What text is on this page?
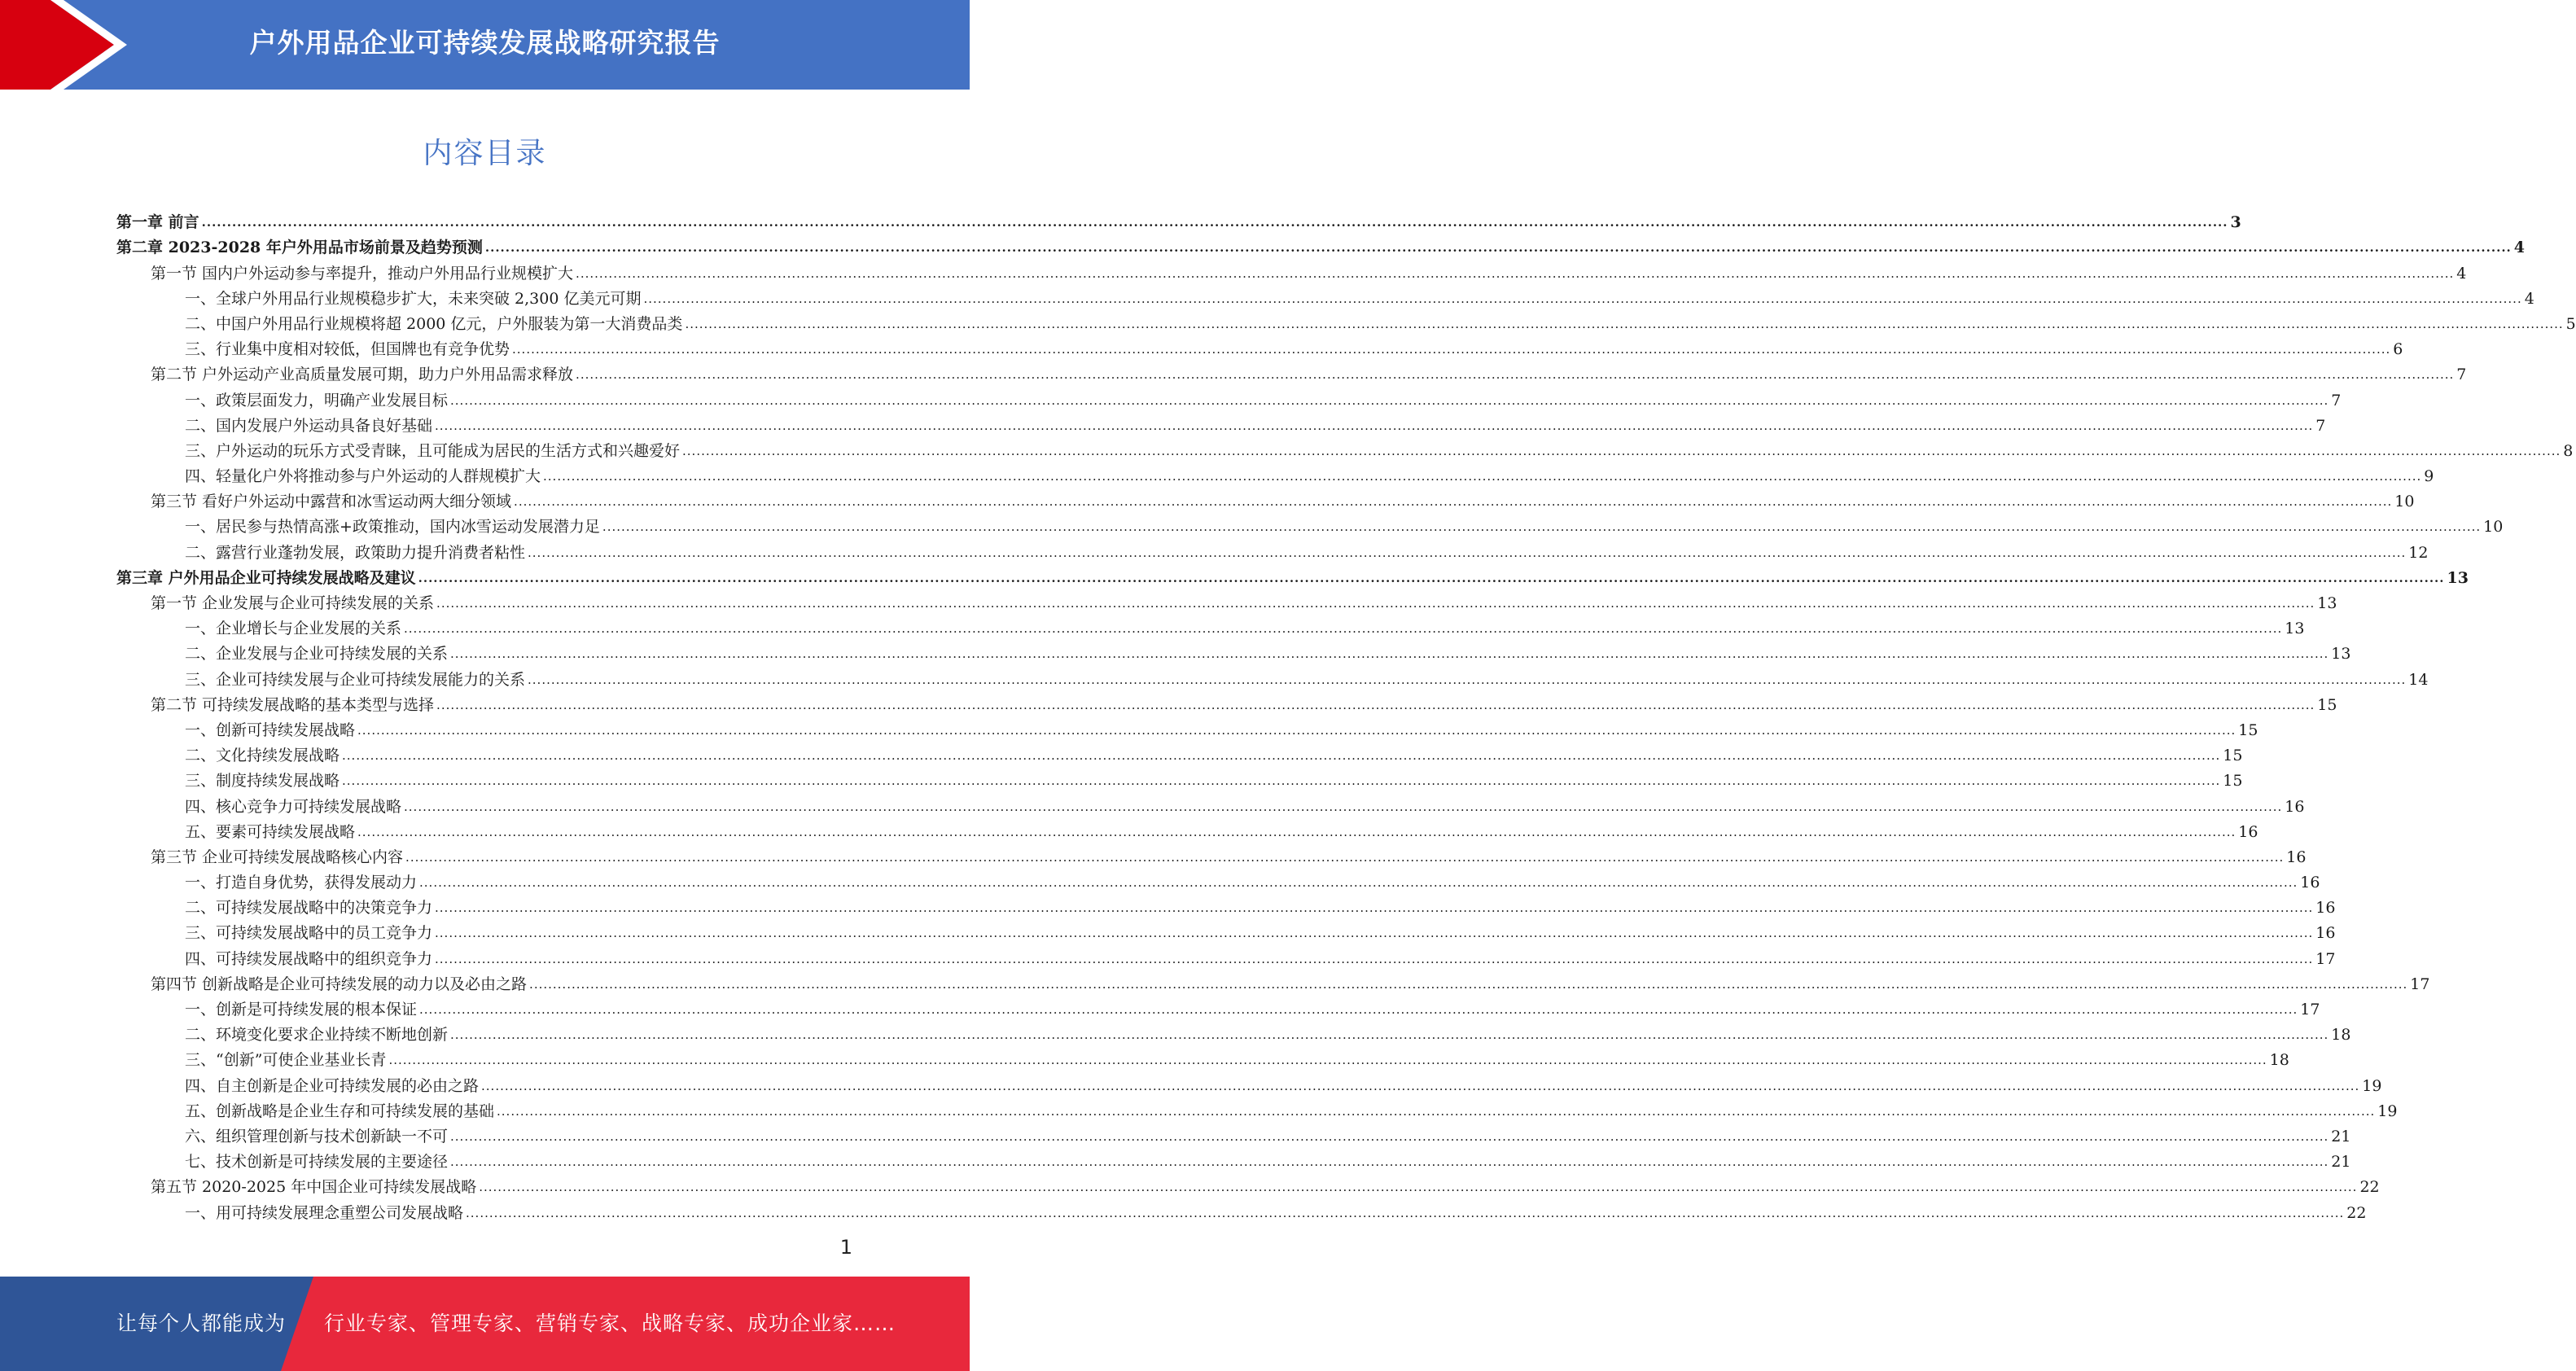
户外用品企业可持续发展战略研究报告
内容目录
第一章 前言 ................................................................................................................................................................................................................................................................................................................................................................................................................ 3
第二章 2023-2028 年户外用品市场前景及趋势预测 ................................................................................................................................................................................................................................................................................................................................................................................................................ 4
第一节 国内户外运动参与率提升，推动户外用品行业规模扩大 ................................................................................................................................................................................................................................................................................................................................................................................................................ 4
一、全球户外用品行业规模稳步扩大，未来突破 2,300 亿美元可期 ................................................................................................................................................................................................................................................................................................................................................................................................................ 4
二、中国户外用品行业规模将超 2000 亿元，户外服装为第一大消费品类 ................................................................................................................................................................................................................................................................................................................................................................................................................ 5
三、行业集中度相对较低，但国牌也有竞争优势 ................................................................................................................................................................................................................................................................................................................................................................................................................ 6
第二节 户外运动产业高质量发展可期，助力户外用品需求释放 ................................................................................................................................................................................................................................................................................................................................................................................................................ 7
一、政策层面发力，明确产业发展目标 ................................................................................................................................................................................................................................................................................................................................................................................................................ 7
二、国内发展户外运动具备良好基础 ................................................................................................................................................................................................................................................................................................................................................................................................................ 7
三、户外运动的玩乐方式受青睐，且可能成为居民的生活方式和兴趣爱好 ................................................................................................................................................................................................................................................................................................................................................................................................................ 8
四、轻量化户外将推动参与户外运动的人群规模扩大 ................................................................................................................................................................................................................................................................................................................................................................................................................ 9
第三节 看好户外运动中露营和冰雪运动两大细分领域 ................................................................................................................................................................................................................................................................................................................................................................................................................ 10
一、居民参与热情高涨+政策推动，国内冰雪运动发展潜力足 ................................................................................................................................................................................................................................................................................................................................................................................................................ 10
二、露营行业蓬勃发展，政策助力提升消费者粘性 ................................................................................................................................................................................................................................................................................................................................................................................................................ 12
第三章 户外用品企业可持续发展战略及建议 ................................................................................................................................................................................................................................................................................................................................................................................................................ 13
第一节 企业发展与企业可持续发展的关系 ................................................................................................................................................................................................................................................................................................................................................................................................................ 13
一、企业增长与企业发展的关系 ................................................................................................................................................................................................................................................................................................................................................................................................................ 13
二、企业发展与企业可持续发展的关系 ................................................................................................................................................................................................................................................................................................................................................................................................................ 13
三、企业可持续发展与企业可持续发展能力的关系 ................................................................................................................................................................................................................................................................................................................................................................................................................ 14
第二节 可持续发展战略的基本类型与选择 ................................................................................................................................................................................................................................................................................................................................................................................................................ 15
一、创新可持续发展战略 ................................................................................................................................................................................................................................................................................................................................................................................................................ 15
二、文化持续发展战略 ................................................................................................................................................................................................................................................................................................................................................................................................................ 15
三、制度持续发展战略 ................................................................................................................................................................................................................................................................................................................................................................................................................ 15
四、核心竞争力可持续发展战略 ................................................................................................................................................................................................................................................................................................................................................................................................................ 16
五、要素可持续发展战略 ................................................................................................................................................................................................................................................................................................................................................................................................................ 16
第三节 企业可持续发展战略核心内容 ................................................................................................................................................................................................................................................................................................................................................................................................................ 16
一、打造自身优势，获得发展动力 ................................................................................................................................................................................................................................................................................................................................................................................................................ 16
二、可持续发展战略中的决策竞争力 ................................................................................................................................................................................................................................................................................................................................................................................................................ 16
三、可持续发展战略中的员工竞争力 ................................................................................................................................................................................................................................................................................................................................................................................................................ 16
四、可持续发展战略中的组织竞争力 ................................................................................................................................................................................................................................................................................................................................................................................................................ 17
第四节 创新战略是企业可持续发展的动力以及必由之路 ................................................................................................................................................................................................................................................................................................................................................................................................................ 17
一、创新是可持续发展的根本保证 ................................................................................................................................................................................................................................................................................................................................................................................................................ 17
二、环境变化要求企业持续不断地创新 ................................................................................................................................................................................................................................................................................................................................................................................................................ 18
三、“创新”可使企业基业长青 ................................................................................................................................................................................................................................................................................................................................................................................................................ 18
四、自主创新是企业可持续发展的必由之路 ................................................................................................................................................................................................................................................................................................................................................................................................................ 19
五、创新战略是企业生存和可持续发展的基础 ................................................................................................................................................................................................................................................................................................................................................................................................................ 19
六、组织管理创新与技术创新缺一不可 ................................................................................................................................................................................................................................................................................................................................................................................................................ 21
七、技术创新是可持续发展的主要途径 ................................................................................................................................................................................................................................................................................................................................................................................................................ 21
第五节 2020-2025 年中国企业可持续发展战略 ................................................................................................................................................................................................................................................................................................................................................................................................................ 22
一、用可持续发展理念重塑公司发展战略 ................................................................................................................................................................................................................................................................................................................................................................................................................ 22
1
让每个人都能成为 行业专家、管理专家、营销专家、战略专家、成功企业家……
